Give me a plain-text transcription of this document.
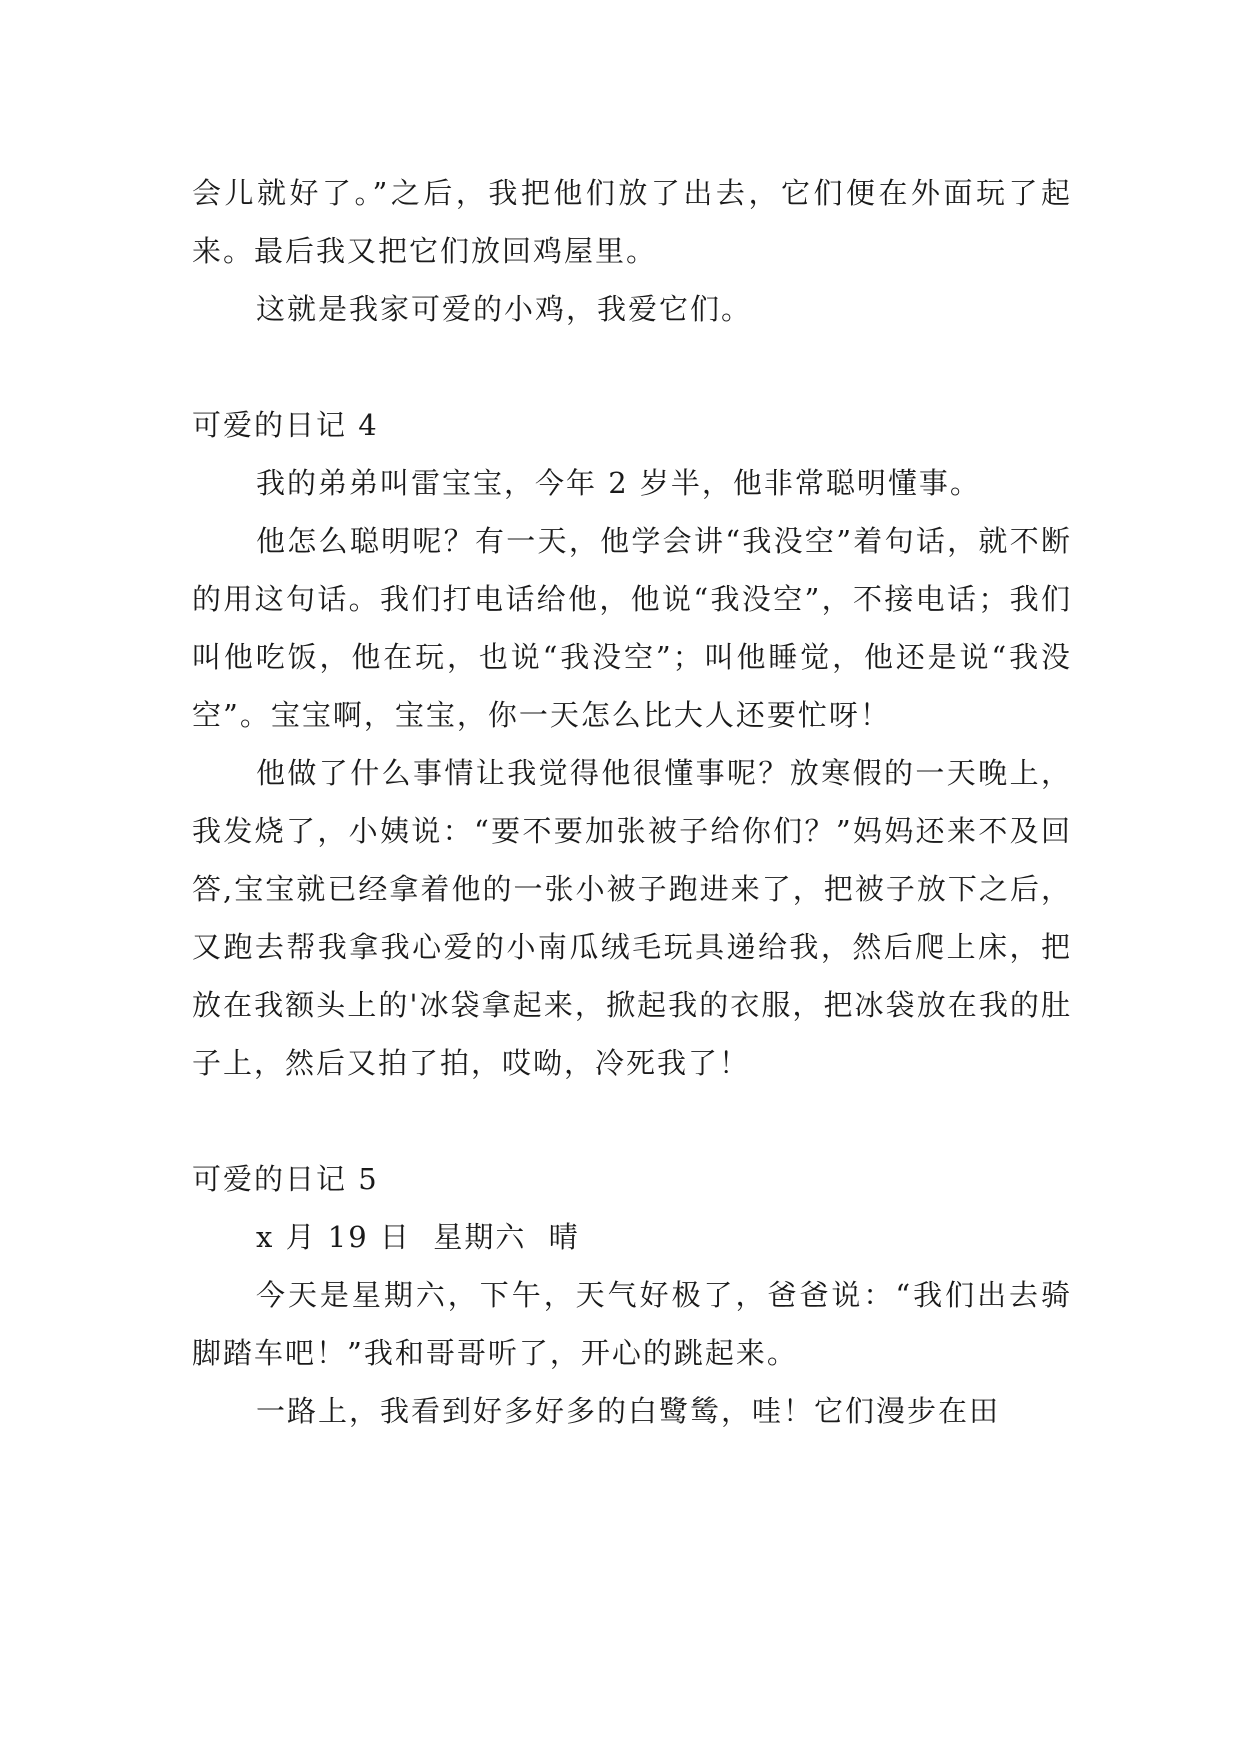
会儿就好了。”之后，我把他们放了出去，它们便在外面玩了起来。最后我又把它们放回鸡屋里。

这就是我家可爱的小鸡，我爱它们。

可爱的日记 4

我的弟弟叫雷宝宝，今年 2 岁半，他非常聪明懂事。

他怎么聪明呢？有一天，他学会讲“我没空”着句话，就不断的用这句话。我们打电话给他，他说“我没空”，不接电话；我们叫他吃饭，他在玩，也说“我没空”；叫他睡觉，他还是说“我没空”。宝宝啊，宝宝，你一天怎么比大人还要忙呀！

他做了什么事情让我觉得他很懂事呢？放寒假的一天晚上，我发烧了，小姨说：“要不要加张被子给你们？”妈妈还来不及回答,宝宝就已经拿着他的一张小被子跑进来了，把被子放下之后，又跑去帮我拿我心爱的小南瓜绒毛玩具递给我，然后爬上床，把放在我额头上的'冰袋拿起来，掀起我的衣服，把冰袋放在我的肚子上，然后又拍了拍，哎呦，冷死我了！

可爱的日记 5

x 月 19 日  星期六  晴

今天是星期六，下午，天气好极了，爸爸说：“我们出去骑脚踏车吧！”我和哥哥听了，开心的跳起来。

一路上，我看到好多好多的白鹭鸶，哇！它们漫步在田
